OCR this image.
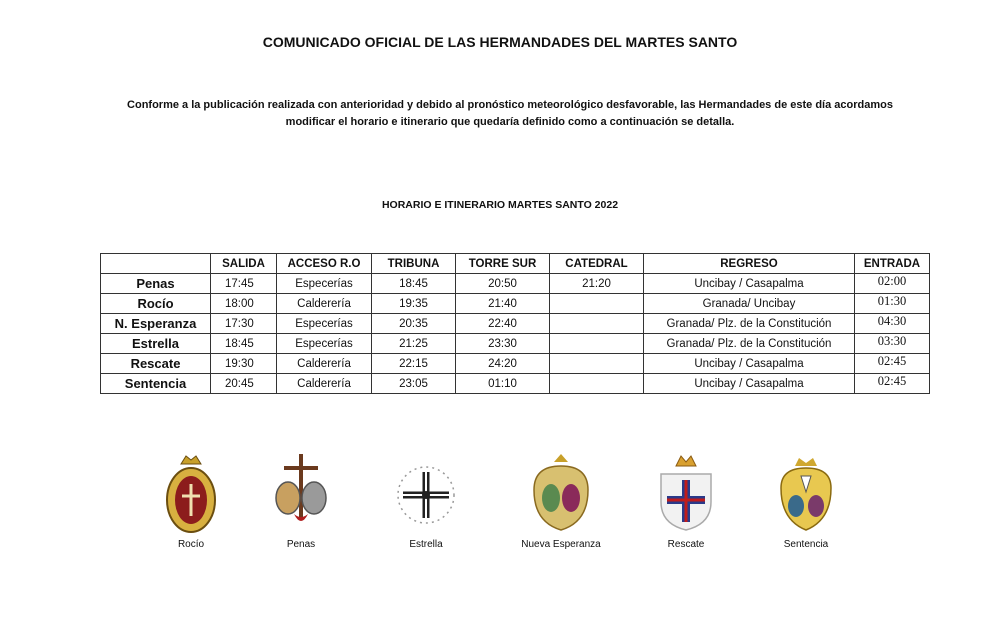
COMUNICADO OFICIAL DE LAS HERMANDADES DEL MARTES SANTO
Conforme a la publicación realizada con anterioridad y debido al pronóstico meteorológico desfavorable, las Hermandades de este día acordamos
modificar el horario e itinerario que quedaría definido como a continuación se detalla.
HORARIO E ITINERARIO MARTES SANTO 2022
	SALIDA	ACCESO R.O	TRIBUNA	TORRE SUR	CATEDRAL	REGRESO	ENTRADA
Penas	17:45	Especerías	18:45	20:50	21:20	Uncibay / Casapalma	02:00
Rocío	18:00	Calderería	19:35	21:40		Granada/ Uncibay	01:30
N. Esperanza	17:30	Especerías	20:35	22:40		Granada/ Plz. de la Constitución	04:30
Estrella	18:45	Especerías	21:25	23:30		Granada/ Plz. de la Constitución	03:30
Rescate	19:30	Calderería	22:15	24:20		Uncibay / Casapalma	02:45
Sentencia	20:45	Calderería	23:05	01:10		Uncibay / Casapalma	02:45
Rocío	Penas	Estrella	Nueva Esperanza	Rescate	Sentencia
